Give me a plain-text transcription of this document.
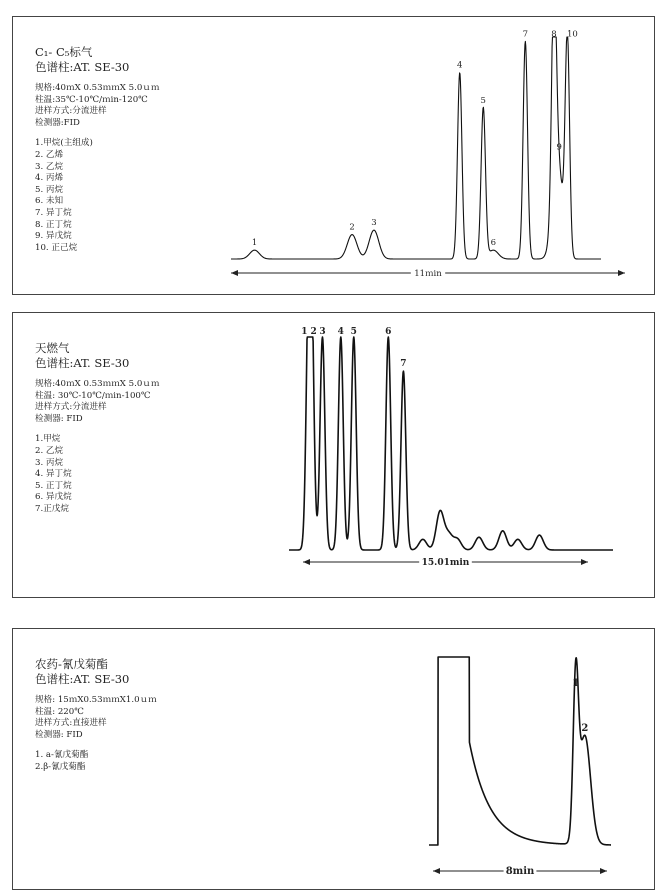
C₁- C₅标气
色谱柱:AT. SE-30
规格:40ｍX 0.53ｍｍX 5.0ｕｍ
柱温:35℃-10℃/ｍin-120℃
进样方式:分流进样
检测器:FID
1.甲烷(主组成)
2. 乙烯
3. 乙烷
4. 丙烯
5. 丙烷
6. 未知
7. 异丁烷
8. 正丁烷
9. 异戊烷
10. 正己烷	1
2 3
4
5
6
7	8
9
10
11ｍin
天燃气
色谱柱:AT. SE-30
规格:40ｍX 0.53ｍｍX 5.0ｕｍ
柱温: 30℃-10℃/ｍin-100℃
进样方式:分流进样
检测器: FID
1.甲烷
2. 乙烷
3. 丙烷
4. 异丁烷
5. 正丁烷
6. 异戊烷
7.正戊烷
1 2 3 4 5	6
7
15.01min
农药-氰戊菊酯
色谱柱:AT. SE-30
规格: 15ｍX0.53ｍｍX1.0ｕｍ
柱温: 220℃
进样方式:直接进样
检测器: FID
1. a-氰戊菊酯
2.β-氰戊菊酯
1
2
8min
